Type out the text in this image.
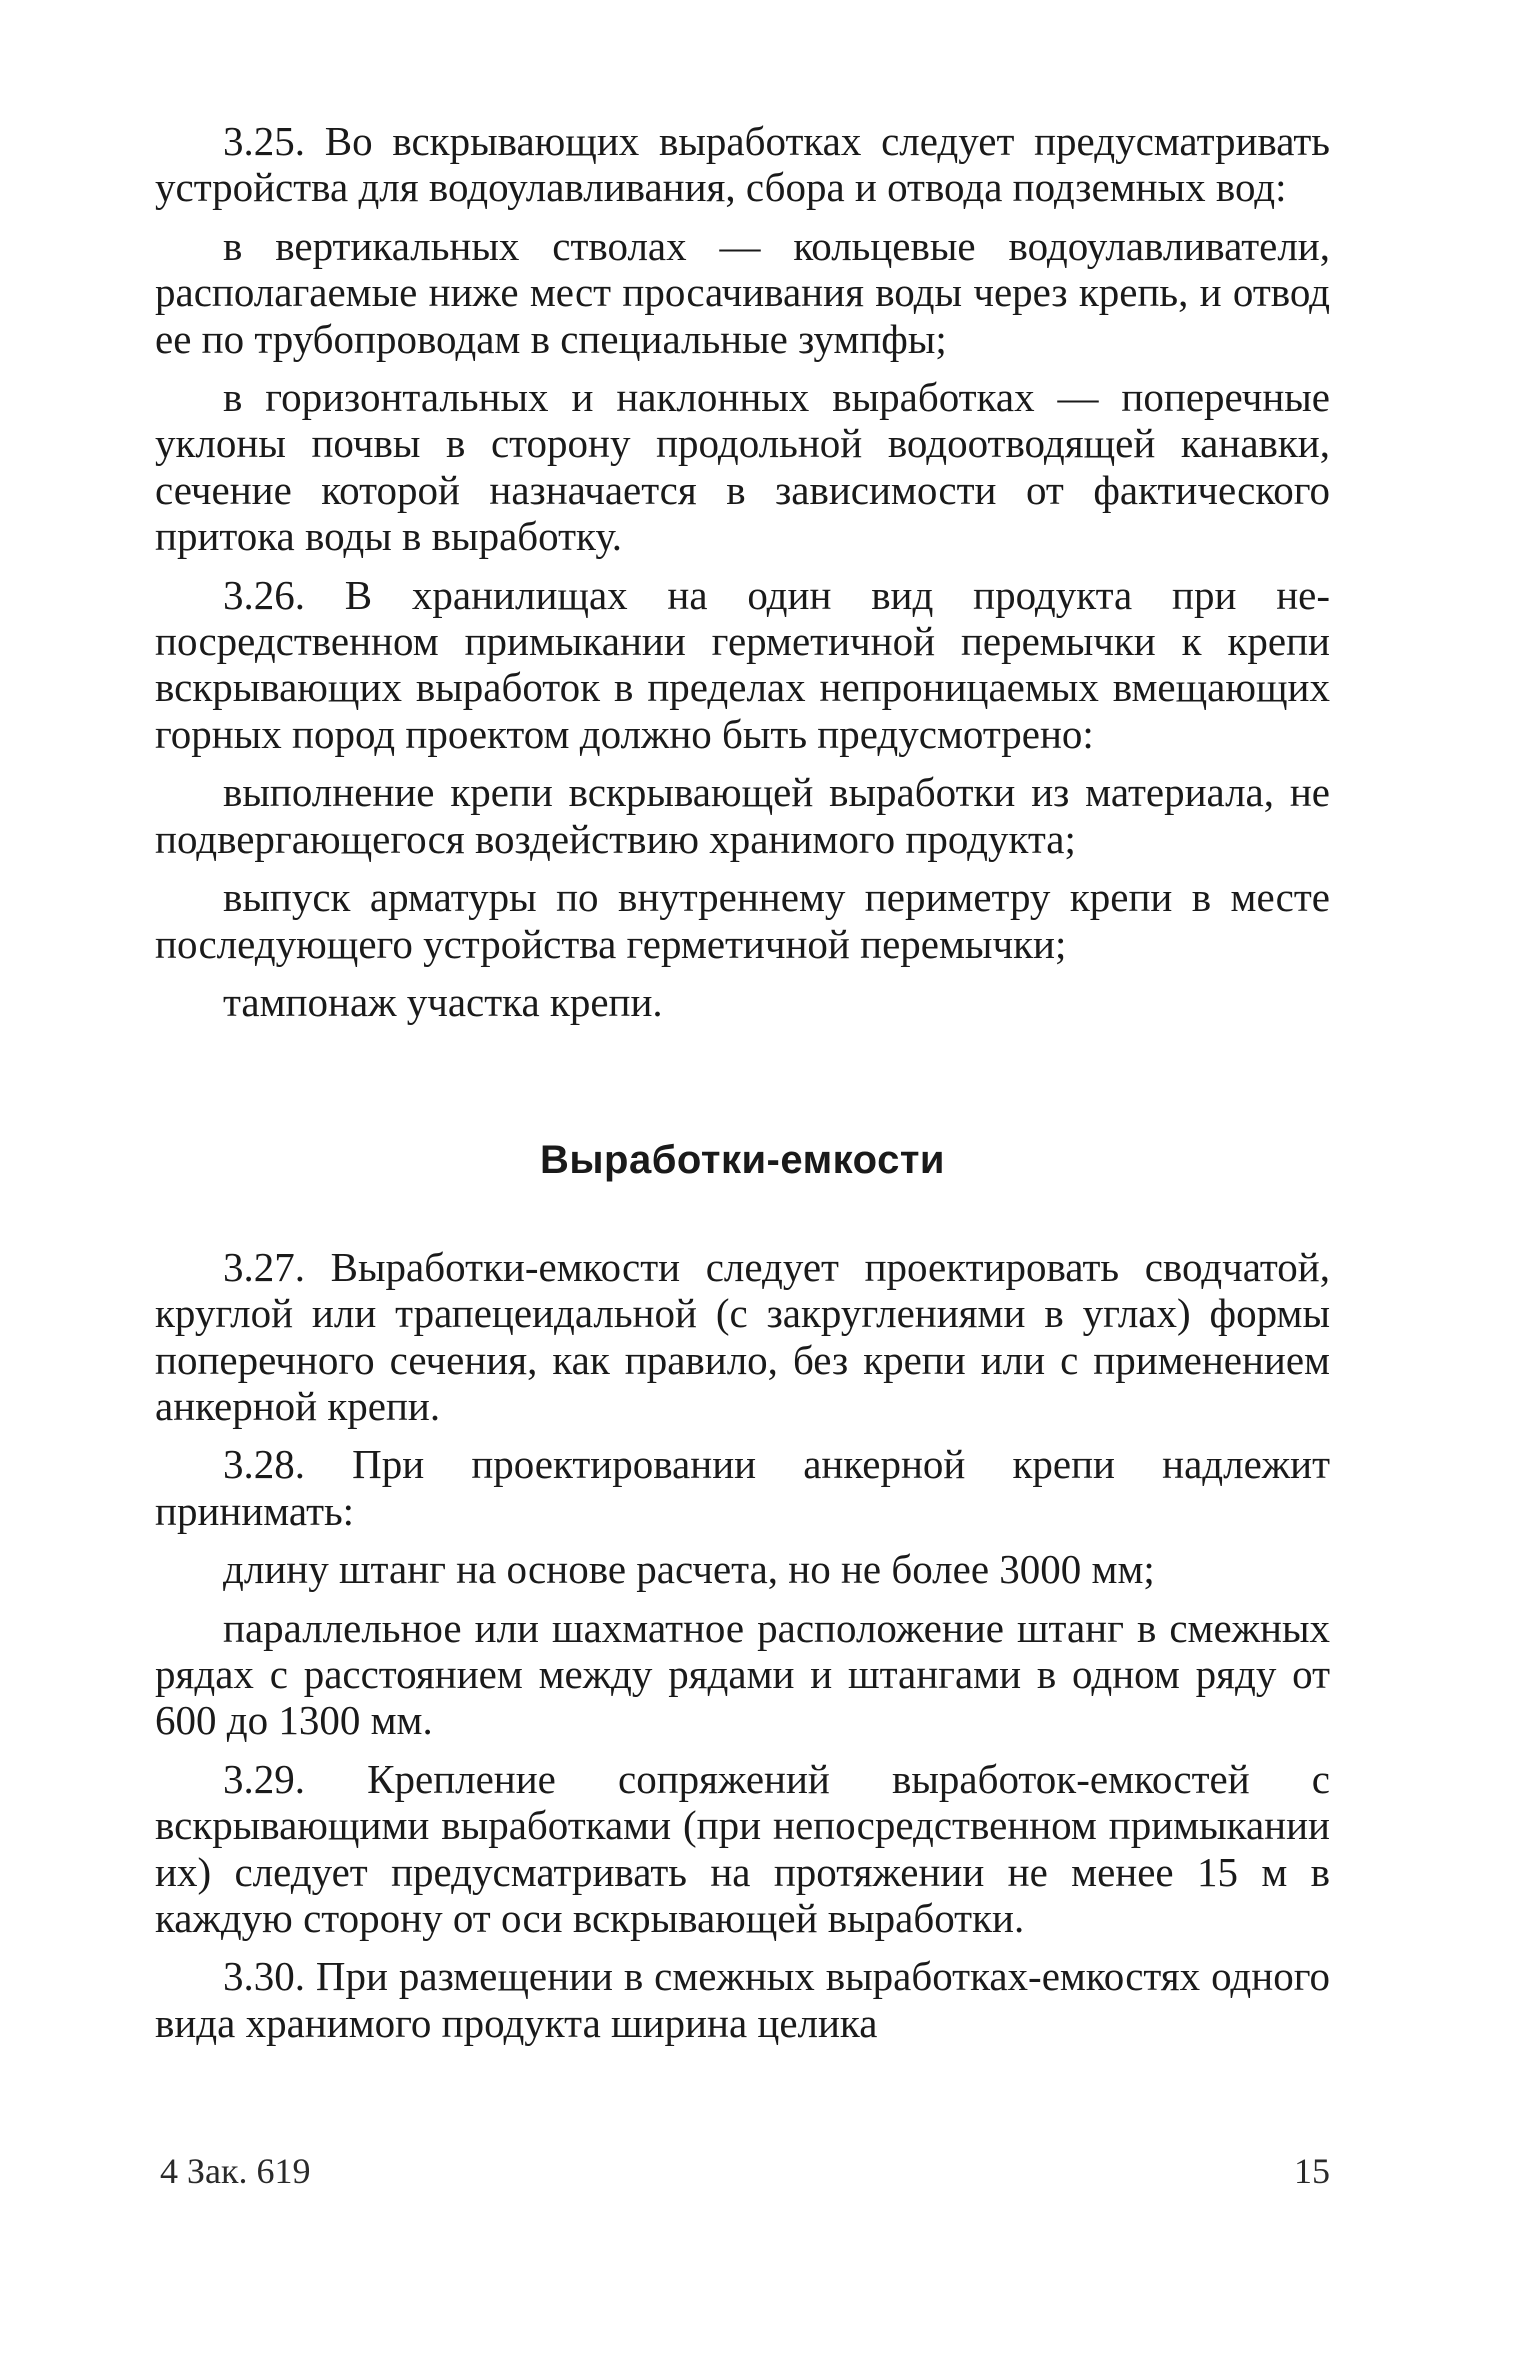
3.25. Во вскрывающих выработках следует предусматривать устройства для водоулавливания, сбора и отвода подземных вод:

в вертикальных стволах — кольцевые водоулавливатели, располагаемые ниже мест просачивания воды через крепь, и отвод ее по трубопроводам в специальные зумпфы;

в горизонтальных и наклонных выработках — поперечные уклоны почвы в сторону продольной водоотводящей канавки, сечение которой назначается в зависимости от фактического притока воды в выработку.

3.26. В хранилищах на один вид продукта при непосредственном примыкании герметичной перемычки к крепи вскрывающих выработок в пределах непроницаемых вмещающих горных пород проектом должно быть предусмотрено:

выполнение крепи вскрывающей выработки из материала, не подвергающегося воздействию хранимого продукта;

выпуск арматуры по внутреннему периметру крепи в месте последующего устройства герметичной перемычки;

тампонаж участка крепи.

Выработки-емкости

3.27. Выработки-емкости следует проектировать сводчатой, круглой или трапецеидальной (с закруглениями в углах) формы поперечного сечения, как правило, без крепи или с применением анкерной крепи.

3.28. При проектировании анкерной крепи надлежит принимать:

длину штанг на основе расчета, но не более 3000 мм;

параллельное или шахматное расположение штанг в смежных рядах с расстоянием между рядами и штангами в одном ряду от 600 до 1300 мм.

3.29. Крепление сопряжений выработок-емкостей с вскрывающими выработками (при непосредственном примыкании их) следует предусматривать на протяжении не менее 15 м в каждую сторону от оси вскрывающей выработки.

3.30. При размещении в смежных выработках-емкостях одного вида хранимого продукта ширина целика

4 Зак. 619	15
